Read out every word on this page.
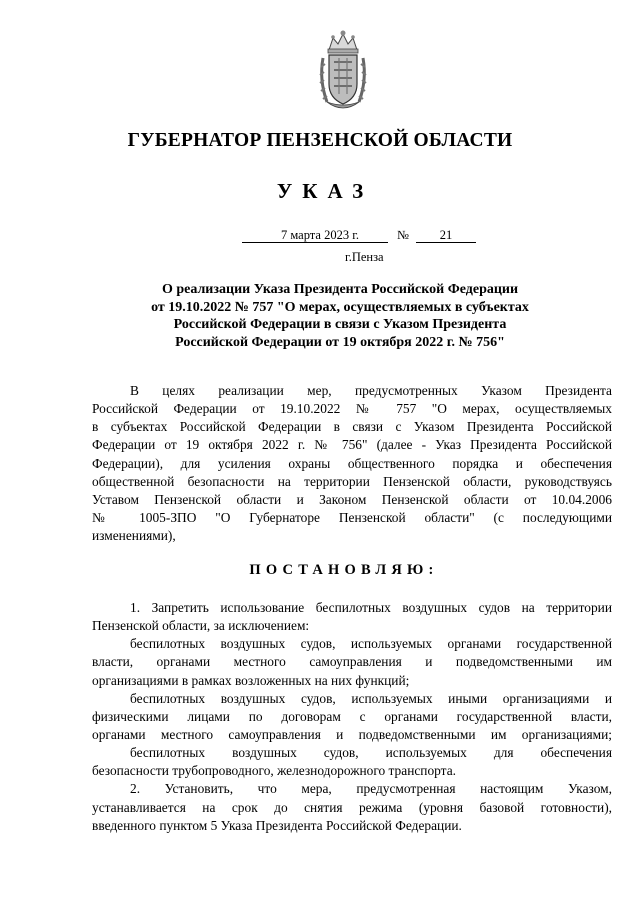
ГУБЕРНАТОР ПЕНЗЕНСКОЙ ОБЛАСТИ
УКАЗ
7 марта 2023 г.	№	21
г.Пенза
О реализации Указа Президента Российской Федерации
от 19.10.2022 № 757 "О мерах, осуществляемых в субъектах
Российской Федерации в связи с Указом Президента
Российской Федерации от 19 октября 2022 г. № 756"
В целях реализации мер, предусмотренных Указом Президента
Российской Федерации от 19.10.2022 № 757 "О мерах, осуществляемых
в субъектах Российской Федерации в связи с Указом Президента Российской
Федерации от 19 октября 2022 г. № 756" (далее - Указ Президента Российской
Федерации), для усиления охраны общественного порядка и обеспечения
общественной безопасности на территории Пензенской области, руководствуясь
Уставом Пензенской области и Законом Пензенской области от 10.04.2006
№ 1005-ЗПО "О Губернаторе Пензенской области" (с последующими
изменениями),
ПОСТАНОВЛЯЮ:
1. Запретить использование беспилотных воздушных судов на территории
Пензенской области, за исключением:
беспилотных воздушных судов, используемых органами государственной
власти, органами местного самоуправления и подведомственными им
организациями в рамках возложенных на них функций;
беспилотных воздушных судов, используемых иными организациями и
физическими лицами по договорам с органами государственной власти,
органами местного самоуправления и подведомственными им организациями;
беспилотных воздушных судов, используемых для обеспечения
безопасности трубопроводного, железнодорожного транспорта.
2. Установить, что мера, предусмотренная настоящим Указом,
устанавливается на срок до снятия режима (уровня базовой готовности),
введенного пунктом 5 Указа Президента Российской Федерации.
